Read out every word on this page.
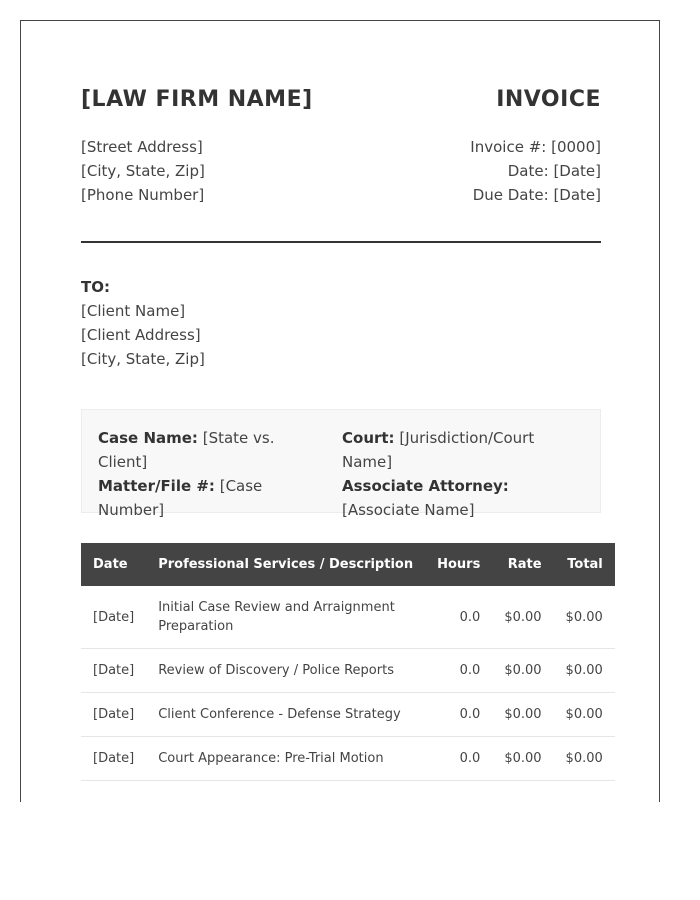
[LAW FIRM NAME]	INVOICE
[Street Address]
[City, State, Zip]
[Phone Number]
Invoice #: [0000]
Date: [Date]
Due Date: [Date]
TO:
[Client Name]
[Client Address]
[City, State, Zip]
Case Name: [State vs. Client]
Matter/File #: [Case Number]
Court: [Jurisdiction/Court Name]
Associate Attorney: [Associate Name]
Date	Professional Services / Description	Hours	Rate	Total
[Date]	Initial Case Review and Arraignment Preparation	0.0	$0.00	$0.00
[Date]	Review of Discovery / Police Reports	0.0	$0.00	$0.00
[Date]	Client Conference - Defense Strategy	0.0	$0.00	$0.00
[Date]	Court Appearance: Pre-Trial Motion	0.0	$0.00	$0.00
